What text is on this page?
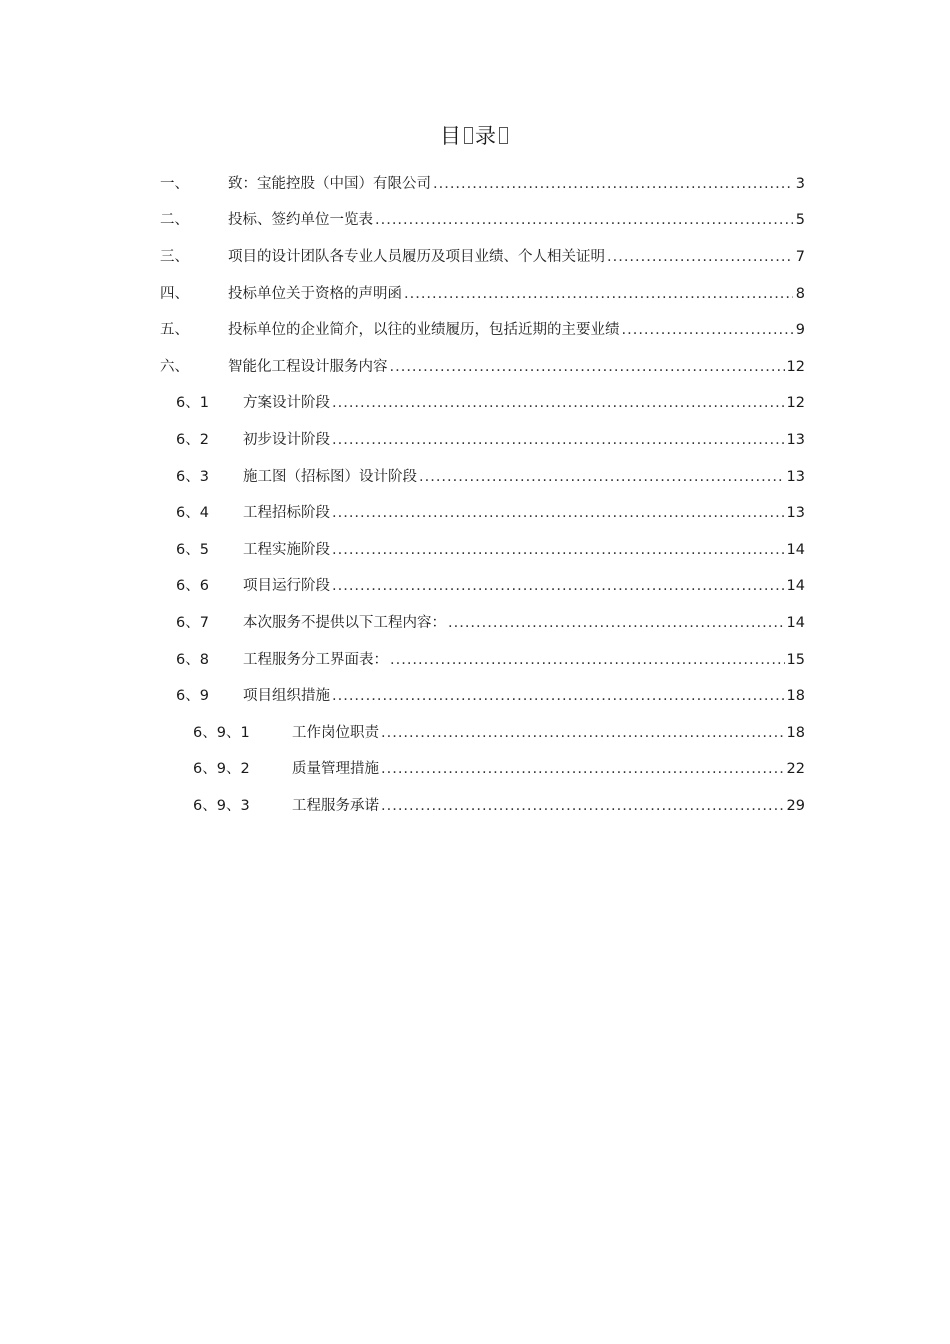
目 录
一、	致：宝能控股（中国）有限公司 .....	3
二、	投标、签约单位一览表 .....	5
三、	项目的设计团队各专业人员履历及项目业绩、个人相关证明 .....	7
四、	投标单位关于资格的声明函 .....	8
五、	投标单位的企业简介，以往的业绩履历，包括近期的主要业绩 .....	9
六、	智能化工程设计服务内容 .....	12
6、1 方案设计阶段 .....	12
6、2 初步设计阶段 .....	13
6、3 施工图（招标图）设计阶段 .....	13
6、4 工程招标阶段 .....	13
6、5 工程实施阶段 .....	14
6、6 项目运行阶段 .....	14
6、7 本次服务不提供以下工程内容： .....	14
6、8 工程服务分工界面表： .....	15
6、9 项目组织措施 .....	18
6、9、1	工作岗位职责 .....	18
6、9、2	质量管理措施 .....	22
6、9、3	工程服务承诺 .....	29
